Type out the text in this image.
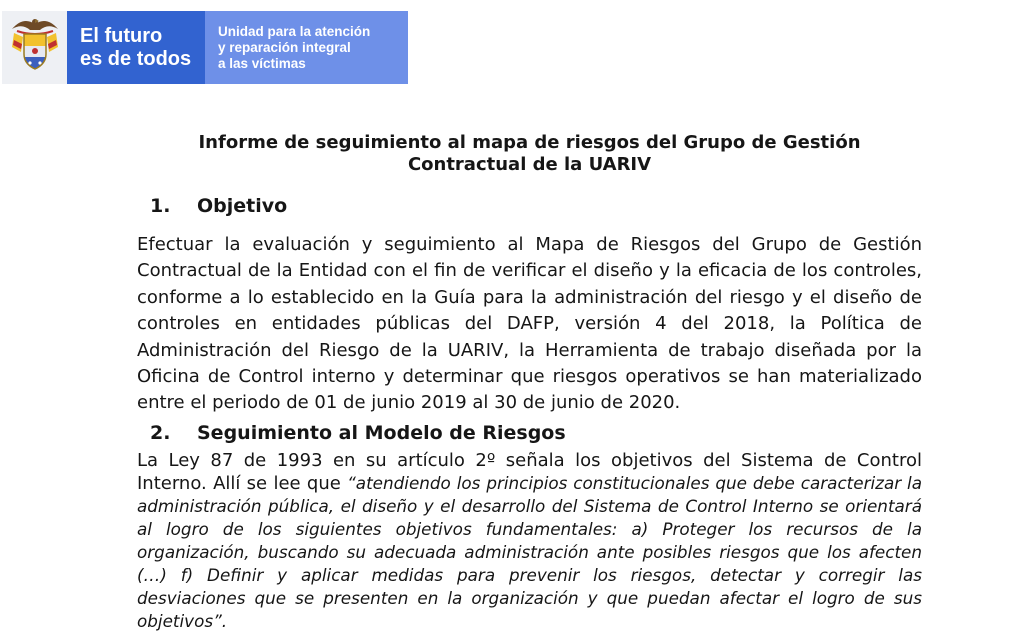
El futuro
es de todos
Unidad para la atención
y reparación integral
a las víctimas
Informe de seguimiento al mapa de riesgos del Grupo de Gestión Contractual de la UARIV
1. Objetivo
Efectuar la evaluación y seguimiento al Mapa de Riesgos del Grupo de Gestión Contractual de la Entidad con el fin de verificar el diseño y la eficacia de los controles, conforme a lo establecido en la Guía para la administración del riesgo y el diseño de controles en entidades públicas del DAFP, versión 4 del 2018, la Política de Administración del Riesgo de la UARIV, la Herramienta de trabajo diseñada por la Oficina de Control interno y determinar que riesgos operativos se han materializado entre el periodo de 01 de junio 2019 al 30 de junio de 2020.
2. Seguimiento al Modelo de Riesgos
La Ley 87 de 1993 en su artículo 2º señala los objetivos del Sistema de Control Interno. Allí se lee que “atendiendo los principios constitucionales que debe caracterizar la administración pública, el diseño y el desarrollo del Sistema de Control Interno se orientará al logro de los siguientes objetivos fundamentales: a) Proteger los recursos de la organización, buscando su adecuada administración ante posibles riesgos que los afecten (…) f) Definir y aplicar medidas para prevenir los riesgos, detectar y corregir las desviaciones que se presenten en la organización y que puedan afectar el logro de sus objetivos”.
